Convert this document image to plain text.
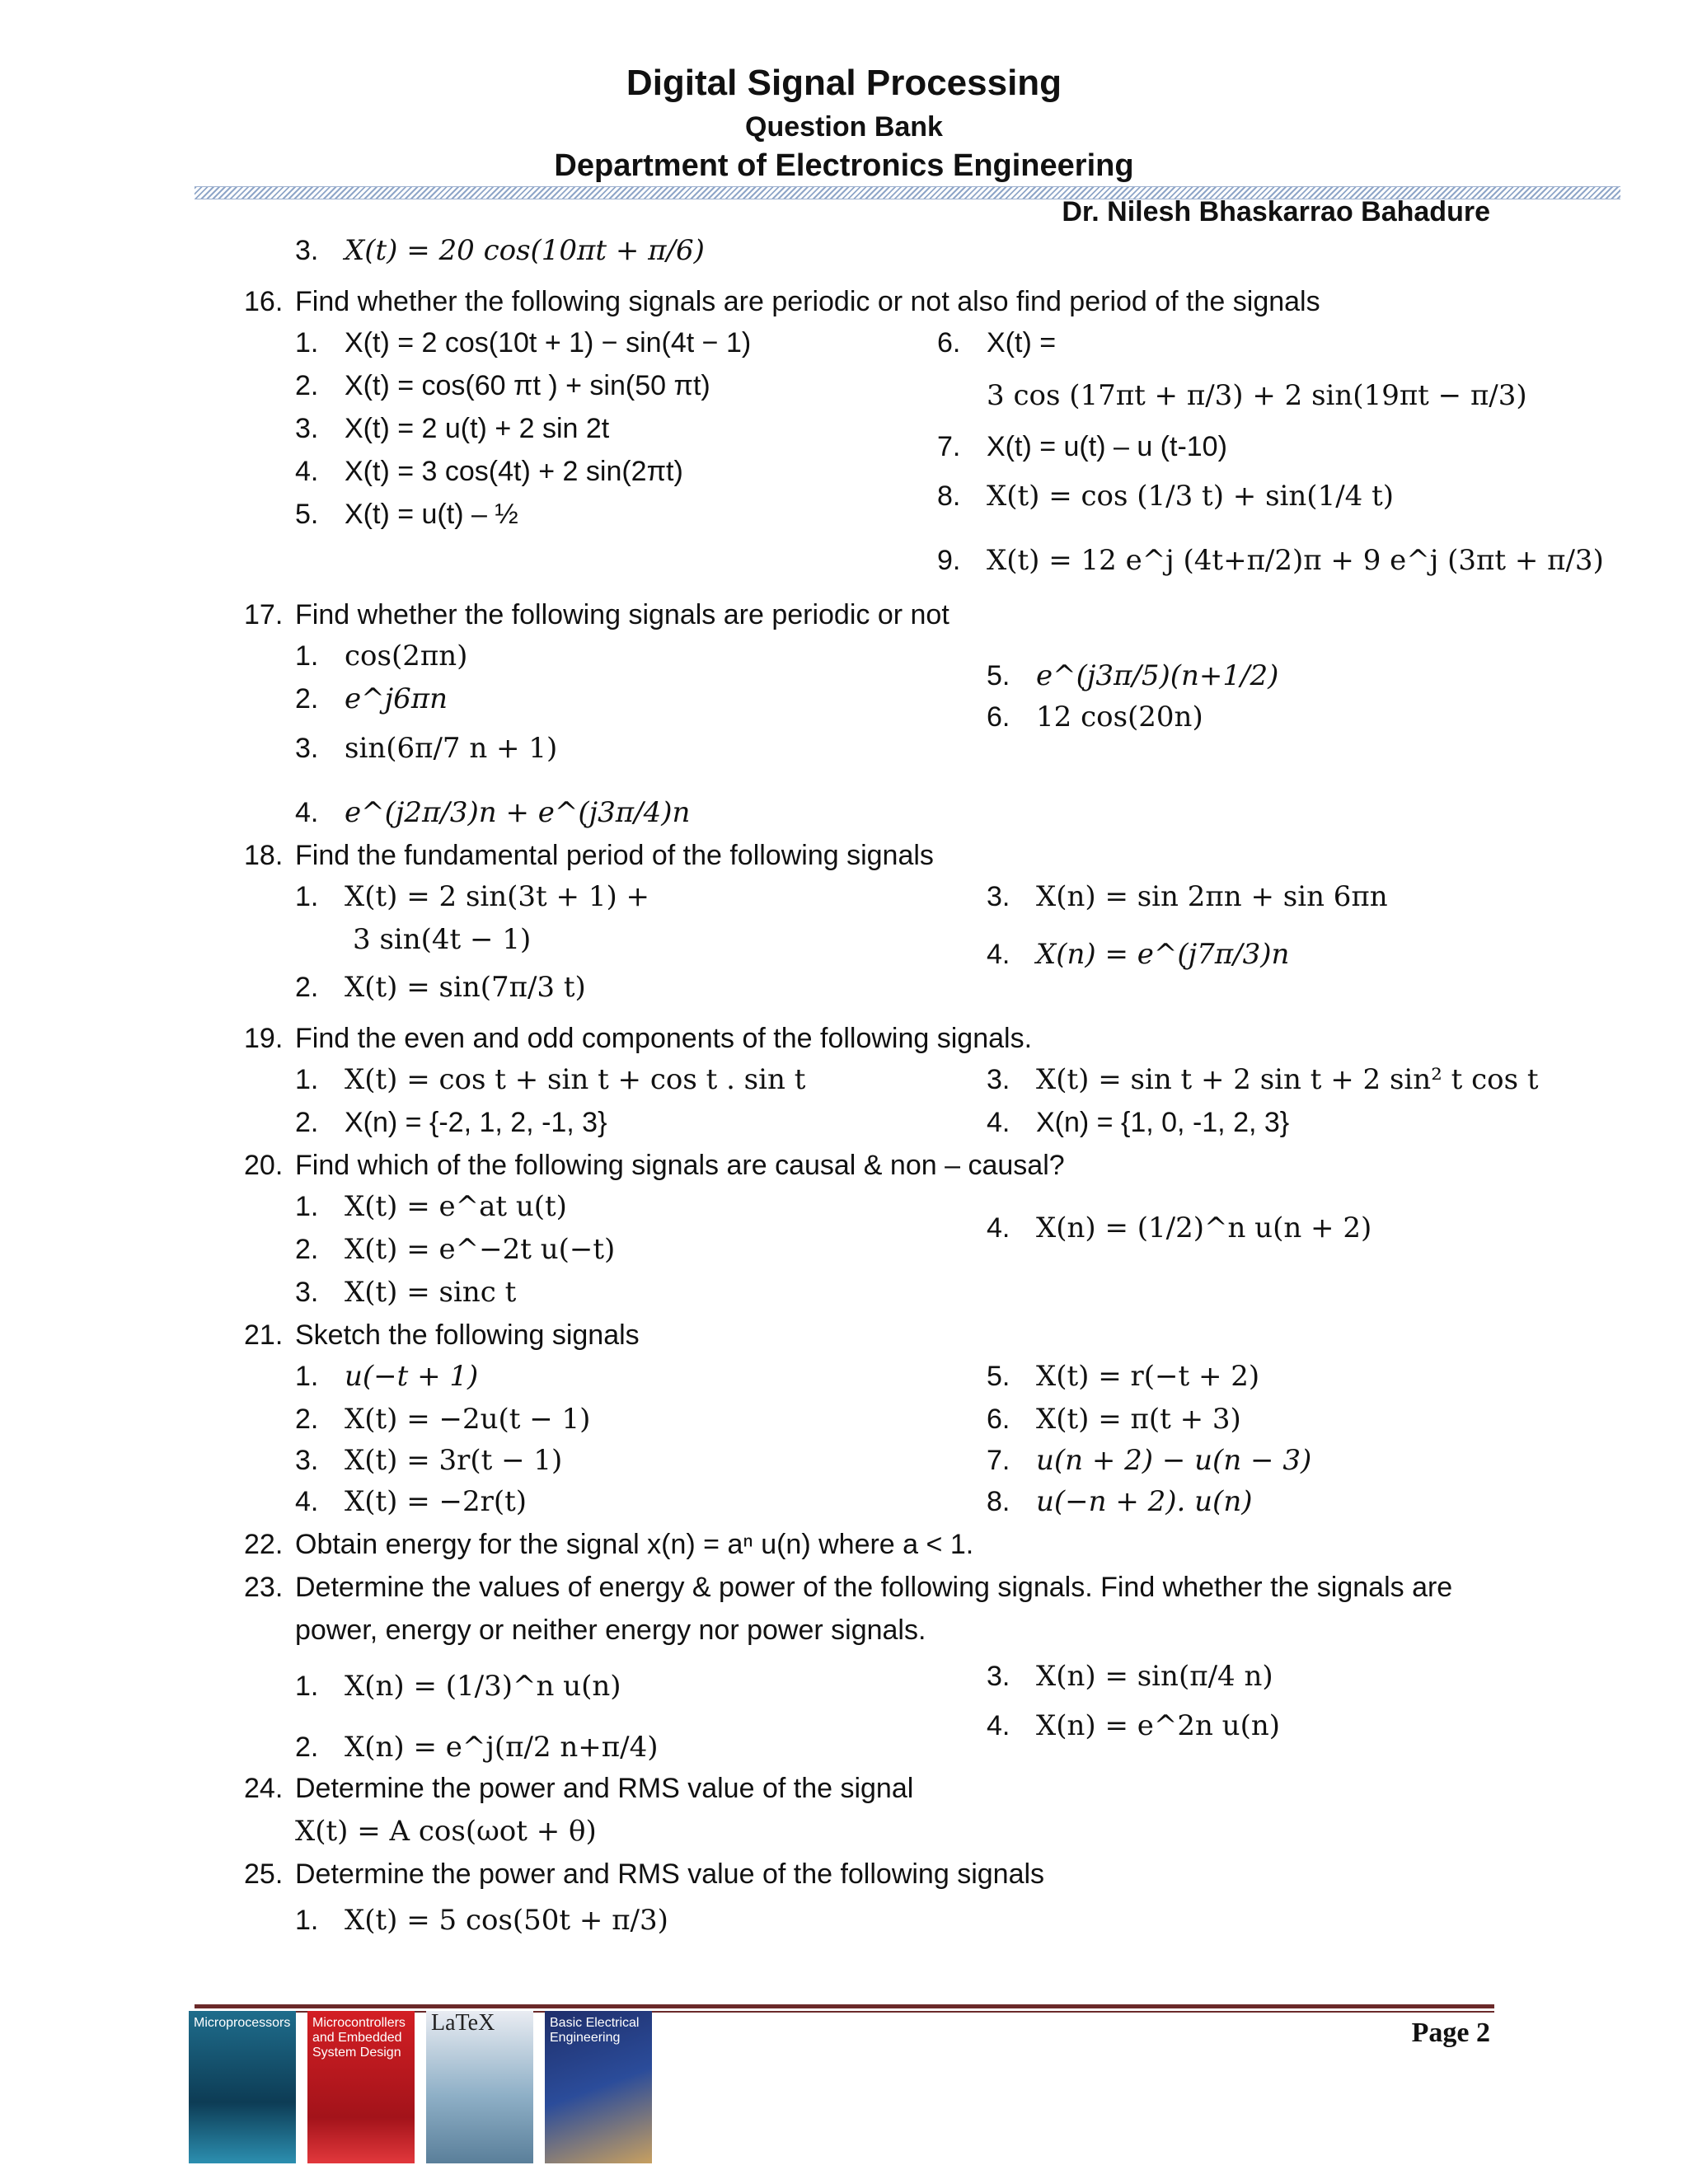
Digital Signal Processing
Question Bank
Department of Electronics Engineering
Dr. Nilesh Bhaskarrao Bahadure
3. X(t) = 20 cos(10πt + π/6)
16. Find whether the following signals are periodic or not also find period of the signals
1. X(t) = 2 cos(10t + 1) − sin(4t − 1)
2. X(t) = cos(60 πt ) + sin(50 πt)
3. X(t) = 2 u(t) + 2 sin 2t
4. X(t) = 3 cos(4t) + 2 sin(2πt)
5. X(t) = u(t) – ½
6. X(t) =
3 cos (17πt + π/3) + 2 sin(19πt − π/3)
7. X(t) = u(t) – u (t-10)
8. X(t) = cos (1/3 t) + sin(1/4 t)
9. X(t) = 12 e^j (4t+π/2)π + 9 e^j (3πt + π/3)
17. Find whether the following signals are periodic or not
1. cos(2πn)
2. e^j6πn
3. sin(6π/7 n + 1)
4. e^(j2π/3)n + e^(j3π/4)n
5. e^(j3π/5)(n+1/2)
6. 12 cos(20n)
18. Find the fundamental period of the following signals
1. X(t) = 2 sin(3t + 1) +
3 sin(4t − 1)
2. X(t) = sin(7π/3 t)
3. X(n) = sin 2πn + sin 6πn
4. X(n) = e^(j7π/3)n
19. Find the even and odd components of the following signals.
1. X(t) = cos t + sin t + cos t . sin t
2. X(n) = {-2, 1, 2, -1, 3}
3. X(t) = sin t + 2 sin t + 2 sin² t cos t
4. X(n) = {1, 0, -1, 2, 3}
20. Find which of the following signals are causal & non – causal?
1. X(t) = e^at u(t)
2. X(t) = e^−2t u(−t)
3. X(t) = sinc t
4. X(n) = (1/2)^n u(n + 2)
21. Sketch the following signals
1. u(−t + 1)
2. X(t) = −2u(t − 1)
3. X(t) = 3r(t − 1)
4. X(t) = −2r(t)
5. X(t) = r(−t + 2)
6. X(t) = π(t + 3)
7. u(n + 2) − u(n − 3)
8. u(−n + 2). u(n)
22. Obtain energy for the signal x(n) = aⁿ u(n) where a < 1.
23. Determine the values of energy & power of the following signals. Find whether the signals are
power, energy or neither energy nor power signals.
1. X(n) = (1/3)^n u(n)
2. X(n) = e^j(π/2 n+π/4)
3. X(n) = sin(π/4 n)
4. X(n) = e^2n u(n)
24. Determine the power and RMS value of the signal
X(t) = A cos(ωot + θ)
25. Determine the power and RMS value of the following signals
1. X(t) = 5 cos(50t + π/3)
Page 2
Microprocessors	Microcontrollers and Embedded System Design
LaTeX	Basic Electrical Engineering
